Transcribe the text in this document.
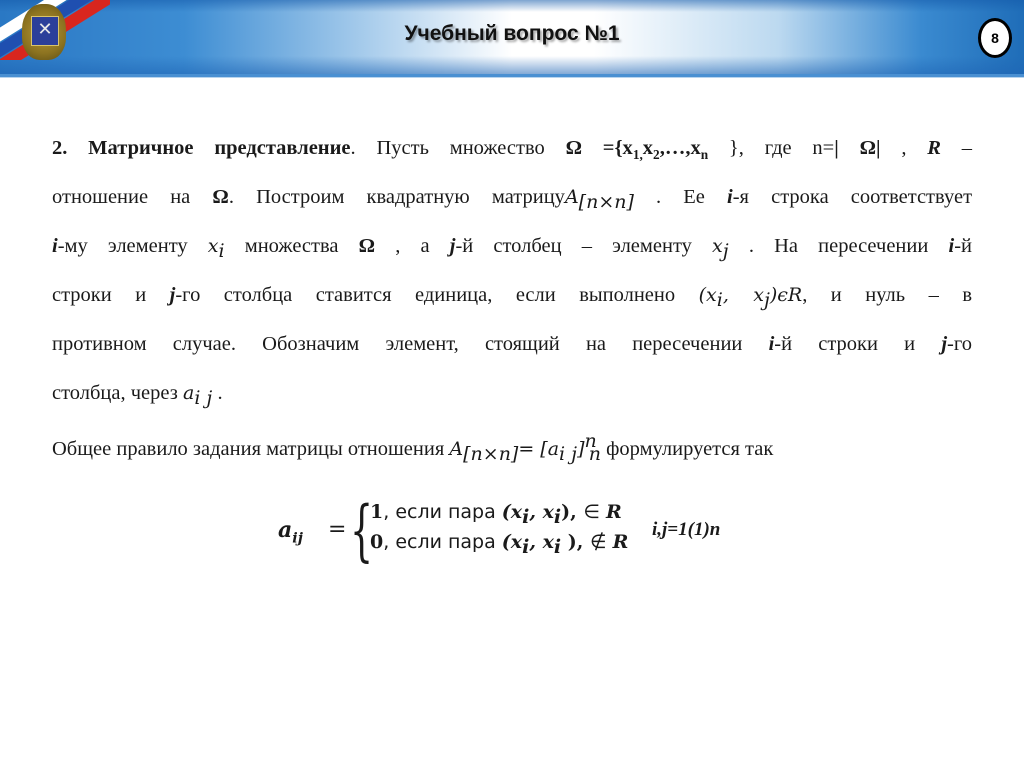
✕	Учебный вопрос №1	8
2. Матричное представление. Пусть множество $\Omega =\{x_{1,}x_2,\dots,x_n$ }, где n=| Ω| , R –
отношение на Ω. Построим квадратную матрицуA$_{[n\times n]}$ . Ее i-я строка соответствует
i-му элементу $x_i$ множества Ω , а j-й столбец – элементу $x_j$ . На пересечении i-й
строки и j-го столбца ставится единица, если выполнено ($x_i$, $x_j)\epsilon R$, и нуль – в
противном случае. Обозначим элемент, стоящий на пересечении i-й строки и j-го
столбца, через $a_{i j}$ .
Общее правило задания матрицы отношения $A_{[n\times n]}= [a_{i j}]^n_n$ формулируется так
$a_{ij}$ = {
1, если пара ($x_i$, $x_i$), ∈ R
0, если пара ($x_i$, $x_i$ ), ∉ R
i,j=1(1)n
